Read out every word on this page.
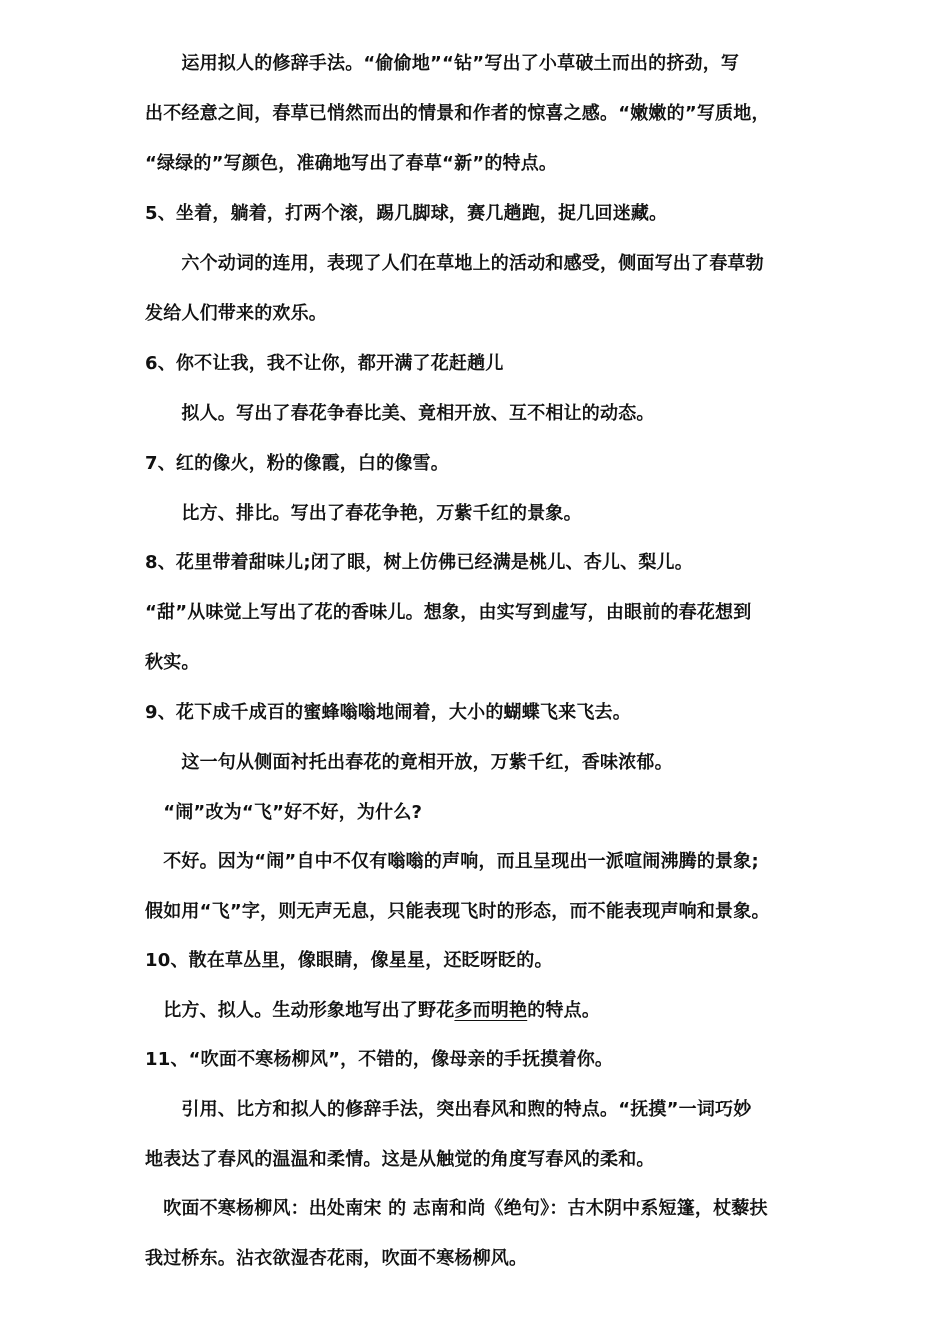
　　运用拟人的修辞手法。“偷偷地”“钻”写出了小草破土而出的挤劲，写
出不经意之间，春草已悄然而出的情景和作者的惊喜之感。“嫩嫩的”写质地，
“绿绿的”写颜色，准确地写出了春草“新”的特点。
5、坐着，躺着，打两个滚，踢几脚球，赛几趟跑，捉几回迷藏。
　　六个动词的连用，表现了人们在草地上的活动和感受，侧面写出了春草勃
发给人们带来的欢乐。
6、你不让我，我不让你，都开满了花赶趟儿
　　拟人。写出了春花争春比美、竟相开放、互不相让的动态。
7、红的像火，粉的像霞，白的像雪。
　　比方、排比。写出了春花争艳，万紫千红的景象。
8、花里带着甜味儿;闭了眼，树上仿佛已经满是桃儿、杏儿、梨儿。
“甜”从味觉上写出了花的香味儿。想象，由实写到虚写，由眼前的春花想到
秋实。
9、花下成千成百的蜜蜂嗡嗡地闹着，大小的蝴蝶飞来飞去。
　　这一句从侧面衬托出春花的竟相开放，万紫千红，香味浓郁。
　“闹”改为“飞”好不好，为什么?
　不好。因为“闹”自中不仅有嗡嗡的声响，而且呈现出一派喧闹沸腾的景象;
假如用“飞”字，则无声无息，只能表现飞时的形态，而不能表现声响和景象。
10、散在草丛里，像眼睛，像星星，还眨呀眨的。
　比方、拟人。生动形象地写出了野花多而明艳的特点。
11、“吹面不寒杨柳风”，不错的，像母亲的手抚摸着你。
　　引用、比方和拟人的修辞手法，突出春风和煦的特点。“抚摸”一词巧妙
地表达了春风的温温和柔情。这是从触觉的角度写春风的柔和。
　吹面不寒杨柳风：出处南宋 的 志南和尚《绝句》：古木阴中系短篷，杖藜扶
我过桥东。沾衣欲湿杏花雨，吹面不寒杨柳风。
